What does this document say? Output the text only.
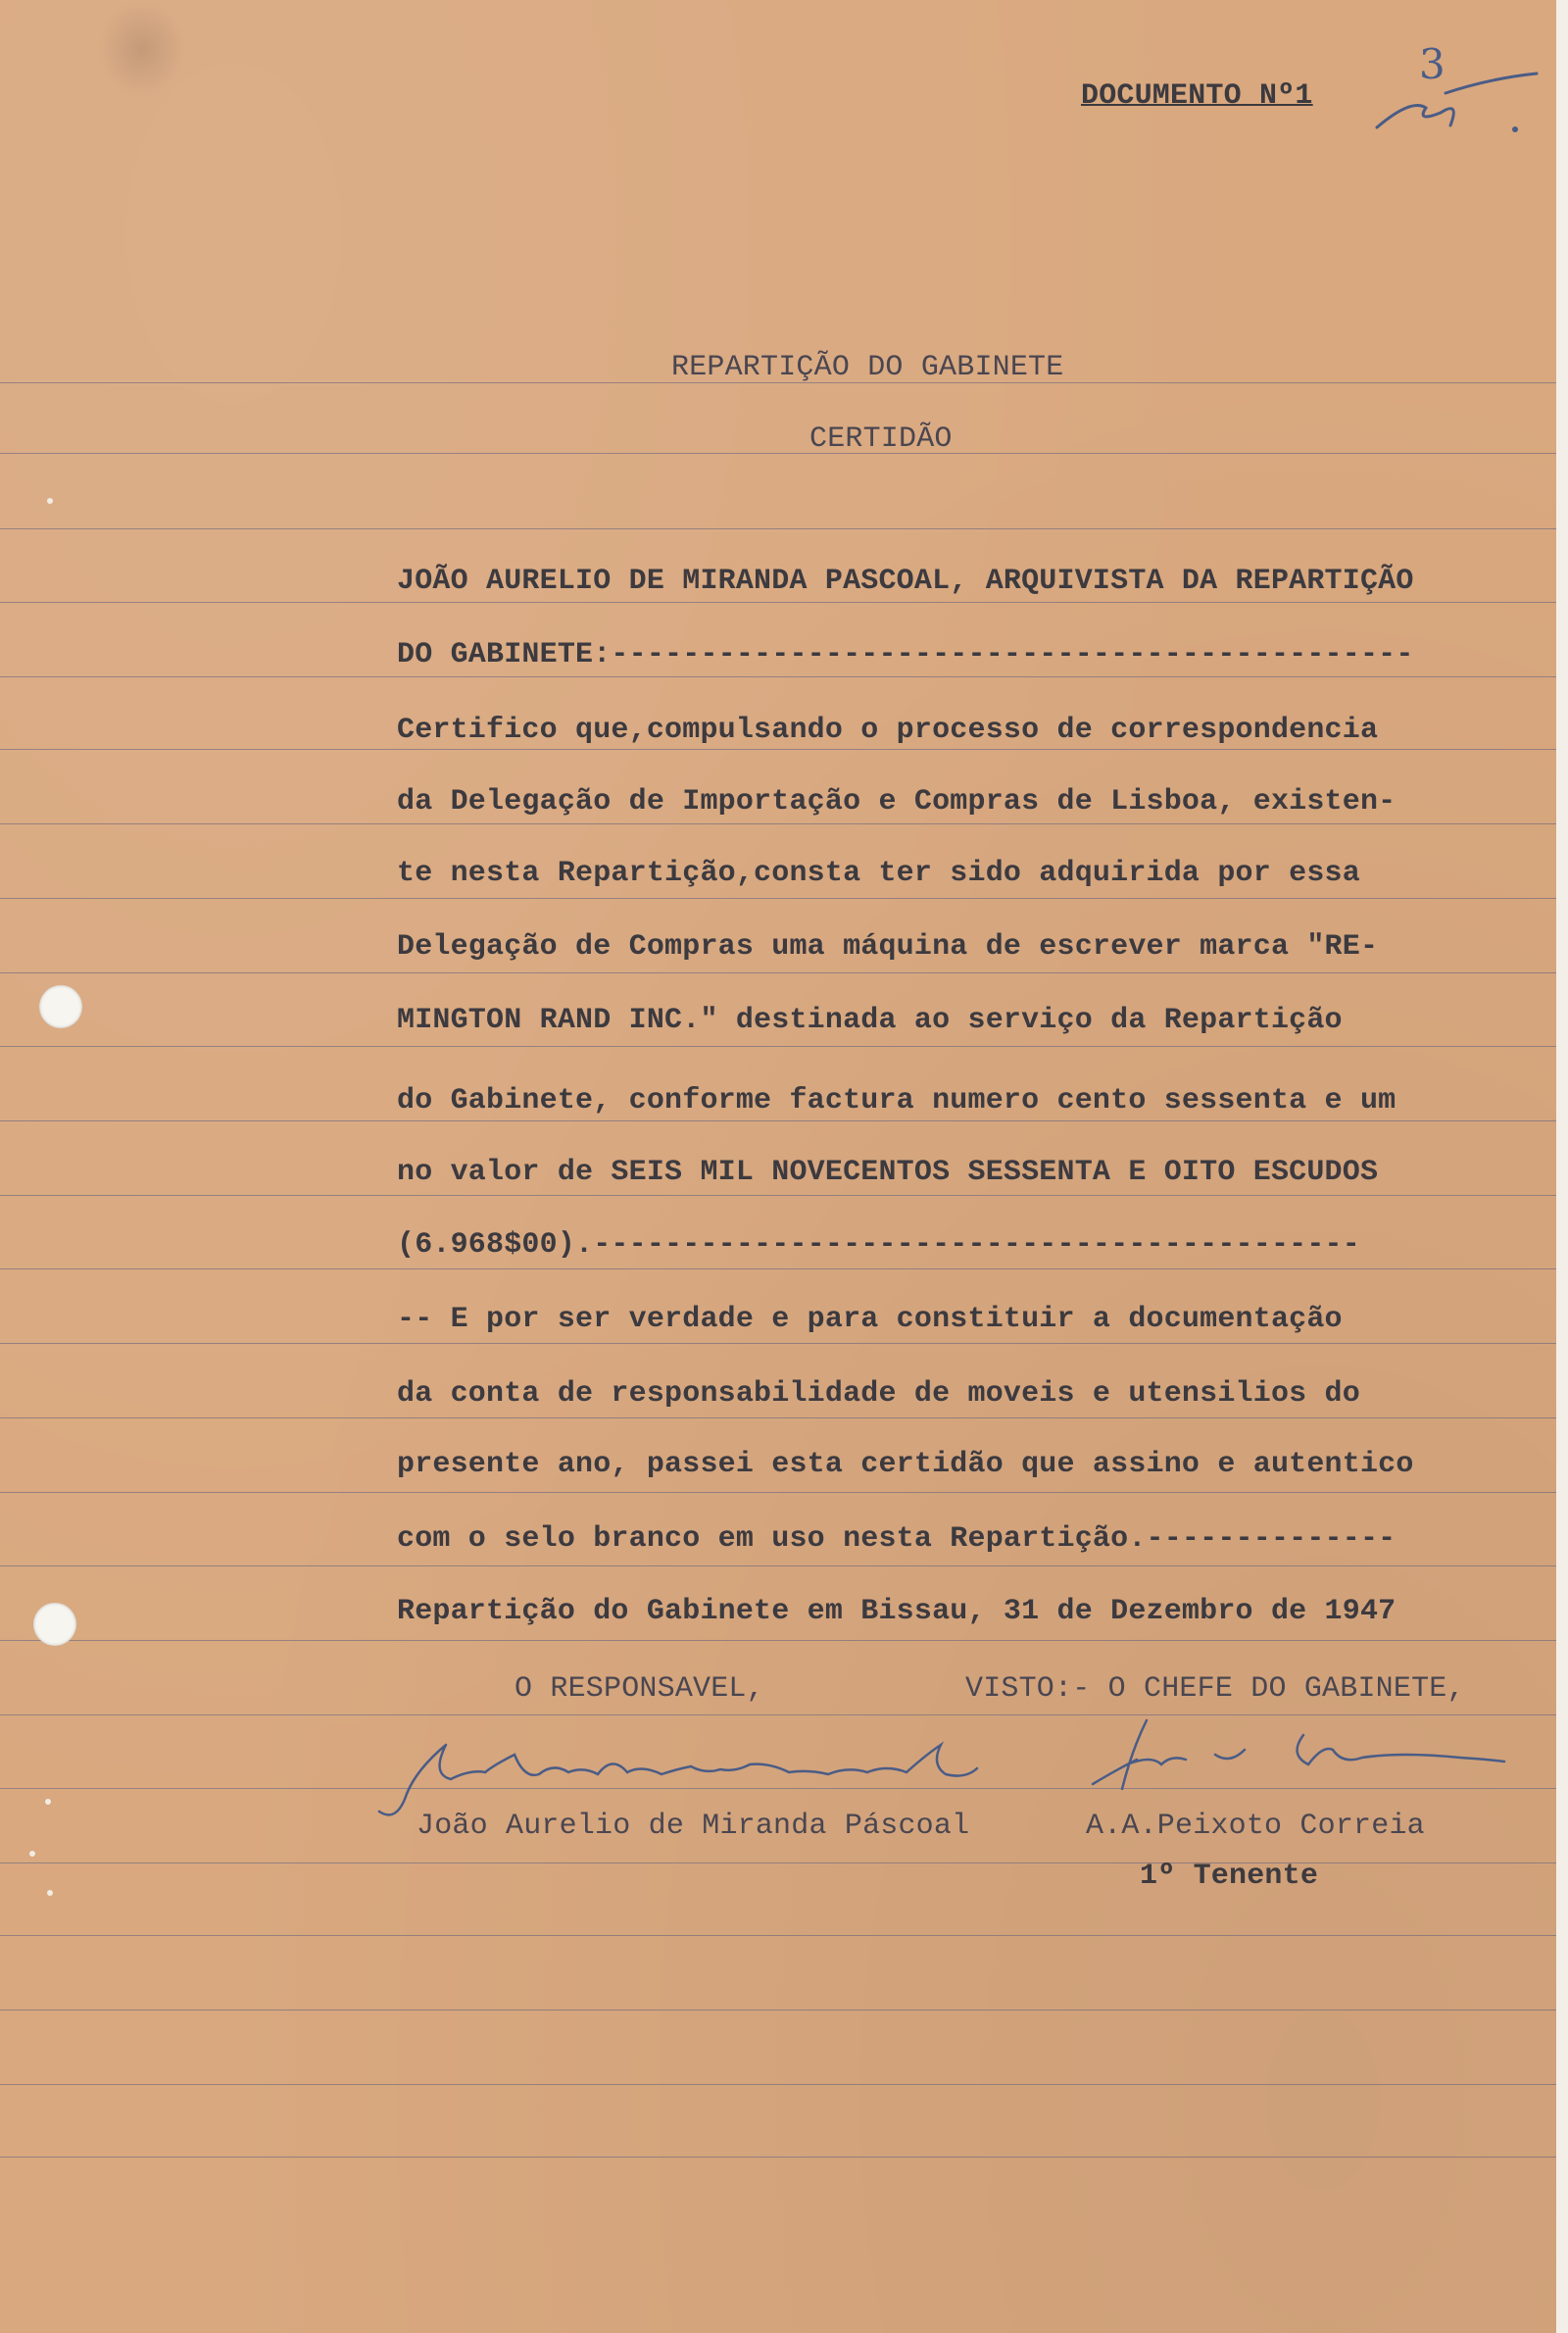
DOCUMENTO Nº1
3
REPARTIÇÃO DO GABINETE
CERTIDÃO
JOÃO AURELIO DE MIRANDA PASCOAL, ARQUIVISTA DA REPARTIÇÃO
DO GABINETE:---------------------------------------------
Certifico que,compulsando o processo de correspondencia
da Delegação de Importação e Compras de Lisboa, existen-
te nesta Repartição,consta ter sido adquirida por essa
Delegação de Compras uma máquina de escrever marca "RE-
MINGTON RAND INC." destinada ao serviço da Repartição
do Gabinete, conforme factura numero cento sessenta e um
no valor de SEIS MIL NOVECENTOS SESSENTA E OITO ESCUDOS
(6.968$00).-------------------------------------------
-- E por ser verdade e para constituir a documentação
da conta de responsabilidade de moveis e utensilios do
presente ano, passei esta certidão que assino e autentico
com o selo branco em uso nesta Repartição.--------------
Repartição do Gabinete em Bissau, 31 de Dezembro de 1947
O RESPONSAVEL,	VISTO:- O CHEFE DO GABINETE,
João Aurelio de Miranda Páscoal	A.A.Peixoto Correia
1º Tenente
